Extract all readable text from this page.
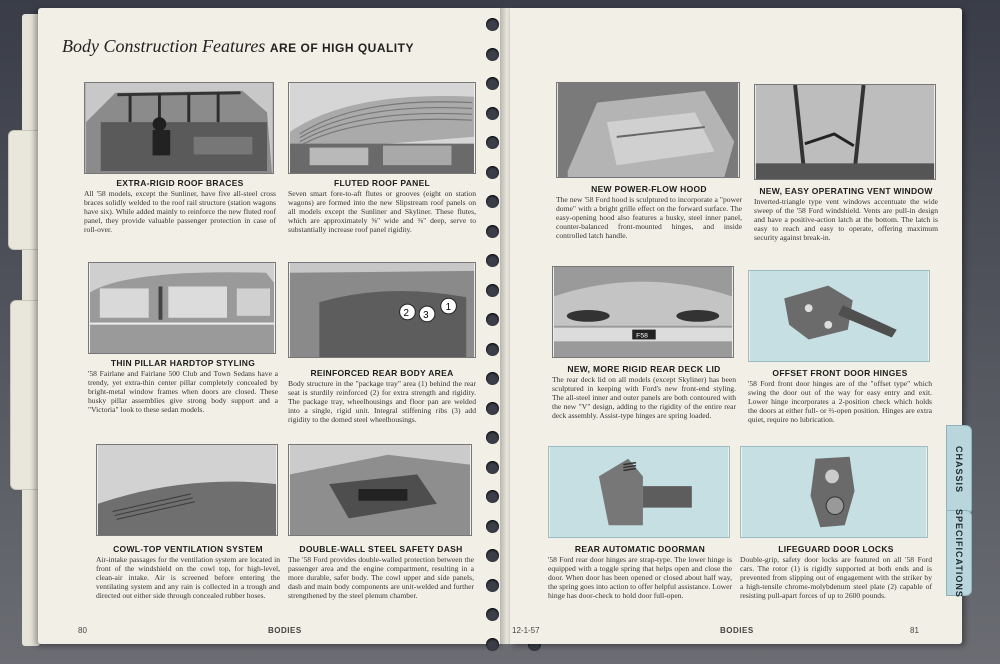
Body Construction Features ARE OF HIGH QUALITY
EXTRA-RIGID ROOF BRACES
All '58 models, except the Sunliner, have five all-steel cross braces solidly welded to the roof rail structure (station wagons have six). While added mainly to reinforce the new fluted roof panel, they provide valuable passenger protection in case of roll-over.
FLUTED ROOF PANEL
Seven smart fore-to-aft flutes or grooves (eight on station wagons) are formed into the new Slipstream roof panels on all models except the Sunliner and Skyliner. These flutes, which are approximately ⅝" wide and ⅜" deep, serve to substantially increase roof panel rigidity.
THIN PILLAR HARDTOP STYLING
'58 Fairlane and Fairlane 500 Club and Town Sedans have a trendy, yet extra-thin center pillar completely concealed by bright-metal window frames when doors are closed. These husky pillar assemblies give strong body support and a "Victoria" look to these sedan models.
2 3
1
REINFORCED REAR BODY AREA
Body structure in the "package tray" area (1) behind the rear seat is sturdily reinforced (2) for extra strength and rigidity. The package tray, wheelhousings and floor pan are welded into a single, rigid unit. Integral stiffening ribs (3) add rigidity to the domed steel wheelhousings.
COWL-TOP VENTILATION SYSTEM
Air-intake passages for the ventilation system are located in front of the windshield on the cowl top, for high-level, clean-air intake. Air is screened before entering the ventilating system and any rain is collected in a trough and directed out either side through concealed rubber hoses.
DOUBLE-WALL STEEL SAFETY DASH
The '58 Ford provides double-walled protection between the passenger area and the engine compartment, resulting in a more durable, safer body. The cowl upper and side panels, dash and main body components are unit-welded and further strengthened by the steel plenum chamber.
80	BODIES
NEW POWER-FLOW HOOD
The new '58 Ford hood is sculptured to incorporate a "power dome" with a bright grille effect on the forward surface. The easy-opening hood also features a husky, steel inner panel, counter-balanced front-mounted hinges, and inside controlled latch handle.
NEW, EASY OPERATING VENT WINDOW
Inverted-triangle type vent windows accentuate the wide sweep of the '58 Ford windshield. Vents are pull-in design and have a positive-action latch at the bottom. The latch is easy to reach and easy to operate, offering maximum security against break-in.
F58
NEW, MORE RIGID REAR DECK LID
The rear deck lid on all models (except Skyliner) has been sculptured in keeping with Ford's new front-end styling. The all-steel inner and outer panels are both contoured with the new "V" design, adding to the rigidity of the entire rear deck assembly. Assist-type hinges are spring loaded.
OFFSET FRONT DOOR HINGES
'58 Ford front door hinges are of the "offset type" which swing the door out of the way for easy entry and exit. Lower hinge incorporates a 2-position check which holds the doors at either full- or ⅔-open position. Hinges are extra quiet, require no lubrication.
REAR AUTOMATIC DOORMAN
'58 Ford rear door hinges are strap-type. The lower hinge is equipped with a toggle spring that helps open and close the door. When door has been opened or closed about half way, the spring goes into action to offer helpful assistance. Lower hinge has door-check to hold door full-open.
LIFEGUARD DOOR LOCKS
Double-grip, safety door locks are featured on all '58 Ford cars. The rotor (1) is rigidly supported at both ends and is prevented from slipping out of engagement with the striker by a high-tensile chrome-molybdenum steel plate (2) capable of resisting pull-apart forces of up to 2600 pounds.
12-1-57	BODIES	81
CHASSIS
SPECIFICATIONS
